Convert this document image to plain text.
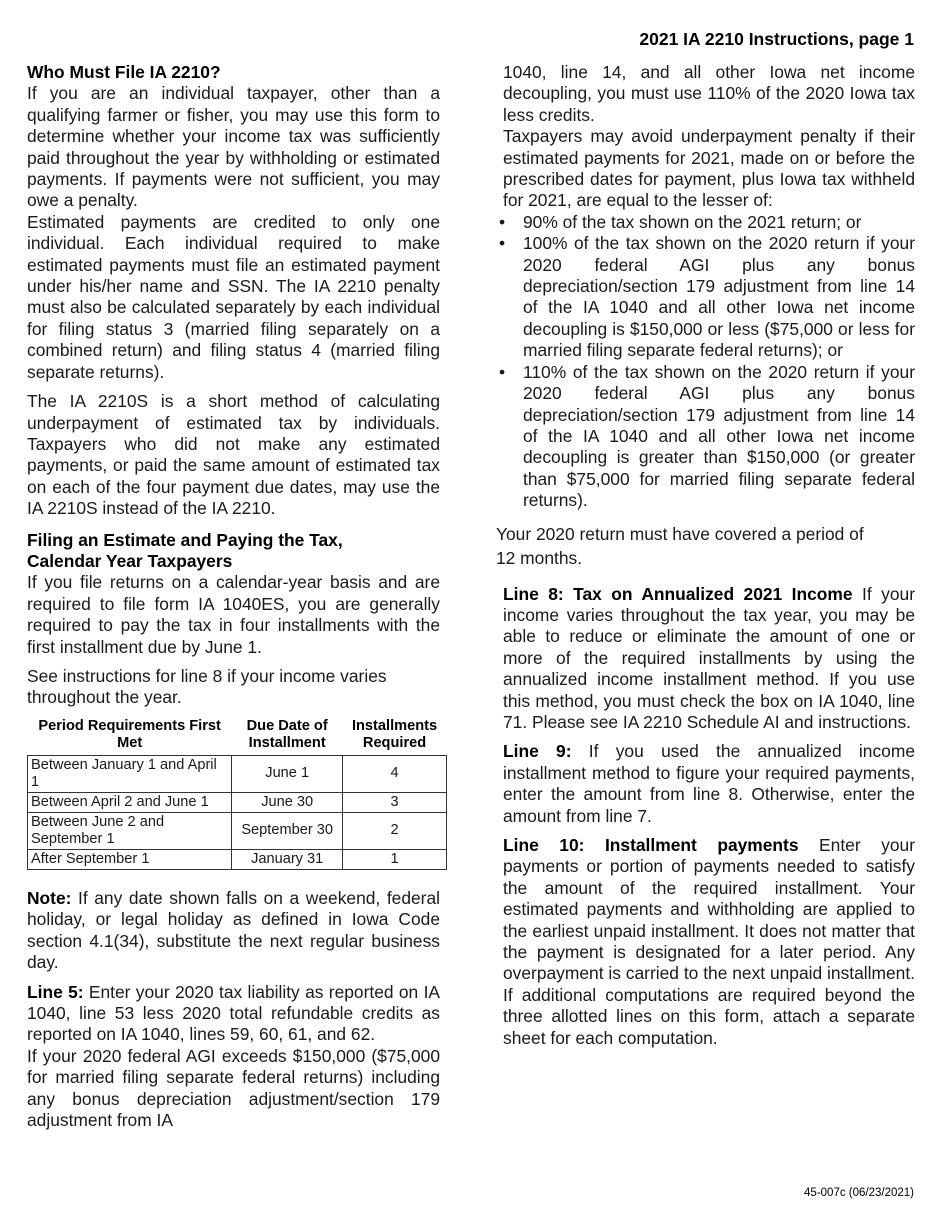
2021 IA 2210 Instructions, page 1
Who Must File IA 2210?

If you are an individual taxpayer, other than a qualifying farmer or fisher, you may use this form to determine whether your income tax was sufficiently paid throughout the year by withholding or estimated payments. If payments were not sufficient, you may owe a penalty.

Estimated payments are credited to only one individual. Each individual required to make estimated payments must file an estimated payment under his/her name and SSN. The IA 2210 penalty must also be calculated separately by each individual for filing status 3 (married filing separately on a combined return) and filing status 4 (married filing separate returns).

The IA 2210S is a short method of calculating underpayment of estimated tax by individuals. Taxpayers who did not make any estimated payments, or paid the same amount of estimated tax on each of the four payment due dates, may use the IA 2210S instead of the IA 2210.

Filing an Estimate and Paying the Tax,
Calendar Year Taxpayers

If you file returns on a calendar-year basis and are required to file form IA 1040ES, you are generally required to pay the tax in four installments with the first installment due by June 1.

See instructions for line 8 if your income varies throughout the year.

Period Requirements First Met	Due Date of Installment	Installments Required
Between January 1 and April 1	June 1	4
Between April 2 and June 1	June 30	3
Between June 2 and September 1	September 30	2
After September 1	January 31	1

Note: If any date shown falls on a weekend, federal holiday, or legal holiday as defined in Iowa Code section 4.1(34), substitute the next regular business day.

Line 5: Enter your 2020 tax liability as reported on IA 1040, line 53 less 2020 total refundable credits as reported on IA 1040, lines 59, 60, 61, and 62.

If your 2020 federal AGI exceeds $150,000 ($75,000 for married filing separate federal returns) including any bonus depreciation adjustment/section 179 adjustment from IA

1040, line 14, and all other Iowa net income decoupling, you must use 110% of the 2020 Iowa tax less credits.

Taxpayers may avoid underpayment penalty if their estimated payments for 2021, made on or before the prescribed dates for payment, plus Iowa tax withheld for 2021, are equal to the lesser of:

• 90% of the tax shown on the 2021 return; or
• 100% of the tax shown on the 2020 return if your 2020 federal AGI plus any bonus depreciation/section 179 adjustment from line 14 of the IA 1040 and all other Iowa net income decoupling is $150,000 or less ($75,000 or less for married filing separate federal returns); or
• 110% of the tax shown on the 2020 return if your 2020 federal AGI plus any bonus depreciation/section 179 adjustment from line 14 of the IA 1040 and all other Iowa net income decoupling is greater than $150,000 (or greater than $75,000 for married filing separate federal returns).

Your 2020 return must have covered a period of
12 months.

Line 8: Tax on Annualized 2021 Income If your income varies throughout the tax year, you may be able to reduce or eliminate the amount of one or more of the required installments by using the annualized income installment method. If you use this method, you must check the box on IA 1040, line 71. Please see IA 2210 Schedule AI and instructions.

Line 9: If you used the annualized income installment method to figure your required payments, enter the amount from line 8. Otherwise, enter the amount from line 7.

Line 10: Installment payments Enter your payments or portion of payments needed to satisfy the amount of the required installment. Your estimated payments and withholding are applied to the earliest unpaid installment. It does not matter that the payment is designated for a later period. Any overpayment is carried to the next unpaid installment. If additional computations are required beyond the three allotted lines on this form, attach a separate sheet for each computation.

45-007c (06/23/2021)
